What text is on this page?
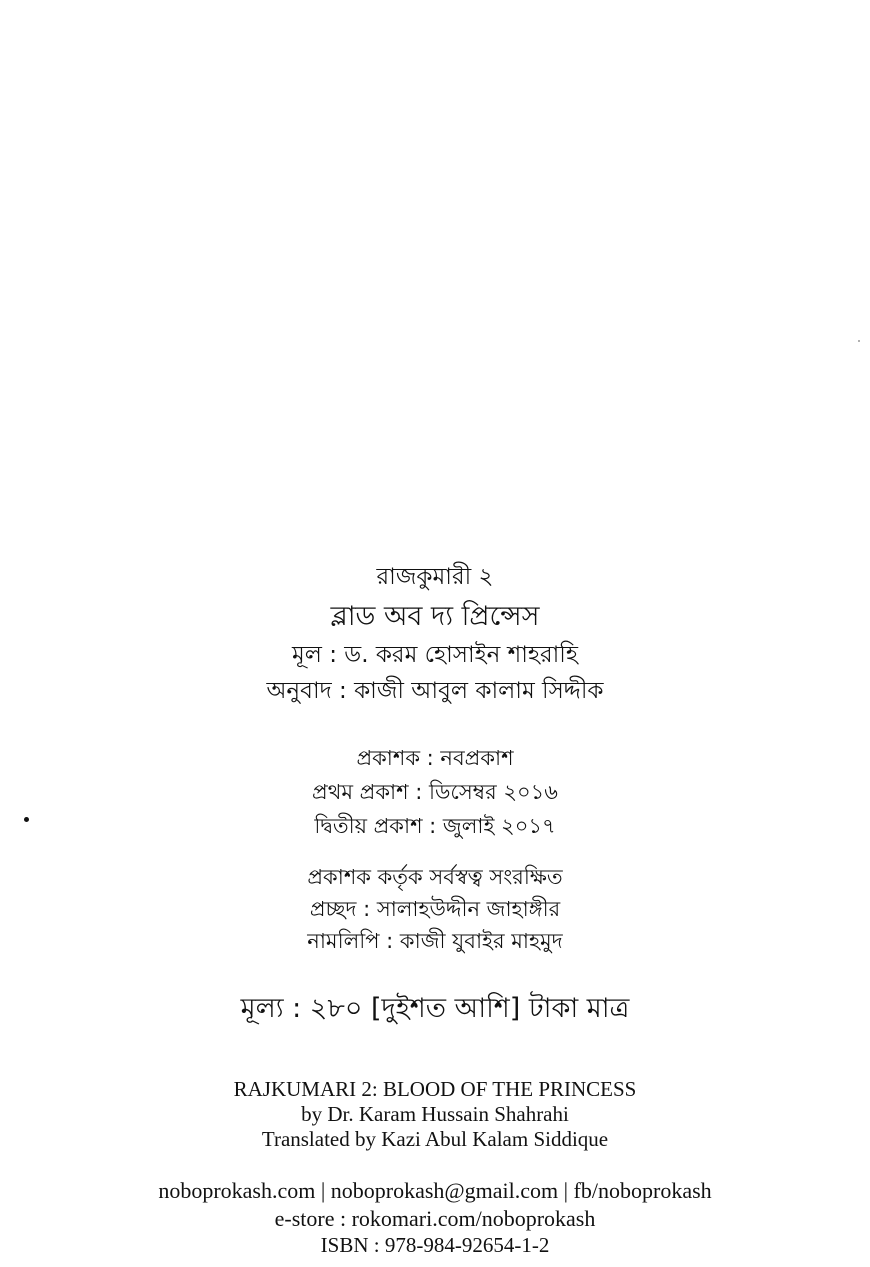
রাজকুমারী ২
ব্লাড অব দ্য প্রিন্সেস
মূল : ড. করম হোসাইন শাহরাহি
অনুবাদ : কাজী আবুল কালাম সিদ্দীক
প্রকাশক : নবপ্রকাশ
প্রথম প্রকাশ : ডিসেম্বর ২০১৬
দ্বিতীয় প্রকাশ : জুলাই ২০১৭
প্রকাশক কর্তৃক সর্বস্বত্ব সংরক্ষিত
প্রচ্ছদ : সালাহউদ্দীন জাহাঙ্গীর
নামলিপি : কাজী যুবাইর মাহমুদ
মূল্য : ২৮০ [দুইশত আশি] টাকা মাত্র
RAJKUMARI 2: BLOOD OF THE PRINCESS
by Dr. Karam Hussain Shahrahi
Translated by Kazi Abul Kalam Siddique
noboprokash.com | noboprokash@gmail.com | fb/noboprokash
e-store : rokomari.com/noboprokash
ISBN : 978-984-92654-1-2
